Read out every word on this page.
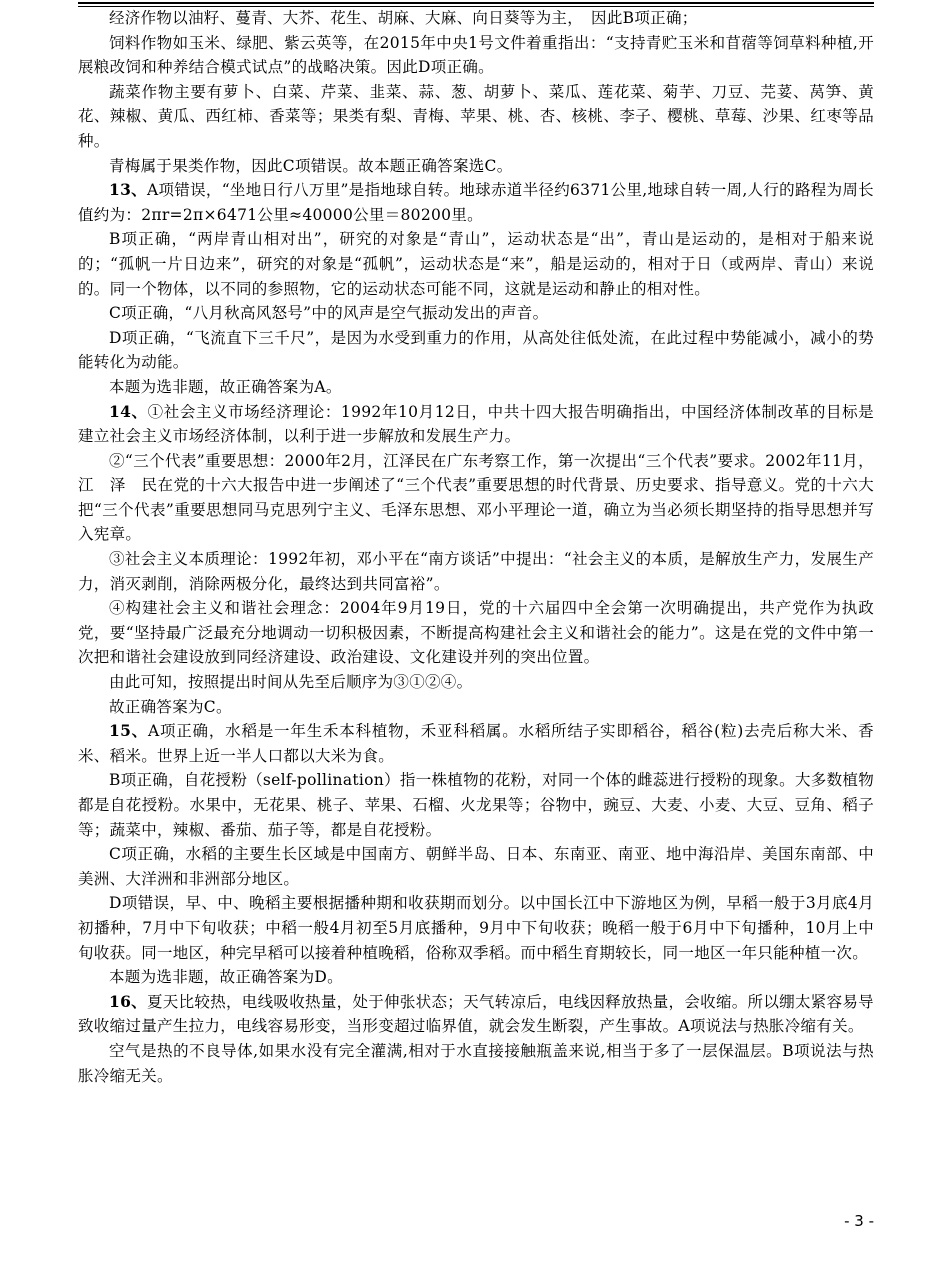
经济作物以油籽、蔓青、大芥、花生、胡麻、大麻、向日葵等为主，　因此B项正确；

饲料作物如玉米、绿肥、紫云英等，在2015年中央1号文件着重指出：“支持青贮玉米和苜蓿等饲草料种植,开展粮改饲和种养结合模式试点”的战略决策。因此D项正确。

蔬菜作物主要有萝卜、白菜、芹菜、韭菜、蒜、葱、胡萝卜、菜瓜、莲花菜、菊芋、刀豆、芫荽、莴笋、黄花、辣椒、黄瓜、西红柿、香菜等；果类有梨、青梅、苹果、桃、杏、核桃、李子、樱桃、草莓、沙果、红枣等品种。

青梅属于果类作物，因此C项错误。故本题正确答案选C。

13、A项错误，“坐地日行八万里”是指地球自转。地球赤道半径约6371公里,地球自转一周,人行的路程为周长值约为：2πr=2π×6471公里≈40000公里＝80200里。

B项正确，“两岸青山相对出”，研究的对象是“青山”，运动状态是“出”，青山是运动的，是相对于船来说的；“孤帆一片日边来”，研究的对象是“孤帆”，运动状态是“来”，船是运动的，相对于日（或两岸、青山）来说的。同一个物体，以不同的参照物，它的运动状态可能不同，这就是运动和静止的相对性。

C项正确，“八月秋高风怒号”中的风声是空气振动发出的声音。

D项正确，“飞流直下三千尺”，是因为水受到重力的作用，从高处往低处流，在此过程中势能减小，减小的势能转化为动能。

本题为选非题，故正确答案为A。

14、①社会主义市场经济理论：1992年10月12日，中共十四大报告明确指出，中国经济体制改革的目标是建立社会主义市场经济体制，以利于进一步解放和发展生产力。

②“三个代表”重要思想：2000年2月，江泽民在广东考察工作，第一次提出“三个代表”要求。2002年11月，江　泽　民在党的十六大报告中进一步阐述了“三个代表”重要思想的时代背景、历史要求、指导意义。党的十六大把“三个代表”重要思想同马克思列宁主义、毛泽东思想、邓小平理论一道，确立为当必须长期坚持的指导思想并写入宪章。

③社会主义本质理论：1992年初，邓小平在“南方谈话”中提出：“社会主义的本质，是解放生产力，发展生产力，消灭剥削，消除两极分化，最终达到共同富裕”。

④构建社会主义和谐社会理念：2004年9月19日，党的十六届四中全会第一次明确提出，共产党作为执政党，要“坚持最广泛最充分地调动一切积极因素，不断提高构建社会主义和谐社会的能力”。这是在党的文件中第一次把和谐社会建设放到同经济建设、政治建设、文化建设并列的突出位置。

由此可知，按照提出时间从先至后顺序为③①②④。

故正确答案为C。

15、A项正确，水稻是一年生禾本科植物，禾亚科稻属。水稻所结子实即稻谷，稻谷(粒)去壳后称大米、香米、稻米。世界上近一半人口都以大米为食。

B项正确，自花授粉（self-pollination）指一株植物的花粉，对同一个体的雌蕊进行授粉的现象。大多数植物都是自花授粉。水果中，无花果、桃子、苹果、石榴、火龙果等；谷物中，豌豆、大麦、小麦、大豆、豆角、稻子等；蔬菜中，辣椒、番茄、茄子等，都是自花授粉。

C项正确，水稻的主要生长区域是中国南方、朝鲜半岛、日本、东南亚、南亚、地中海沿岸、美国东南部、中美洲、大洋洲和非洲部分地区。

D项错误，早、中、晚稻主要根据播种期和收获期而划分。以中国长江中下游地区为例，早稻一般于3月底4月初播种，7月中下旬收获；中稻一般4月初至5月底播种，9月中下旬收获；晚稻一般于6月中下旬播种，10月上中旬收获。同一地区，种完早稻可以接着种植晚稻，俗称双季稻。而中稻生育期较长，同一地区一年只能种植一次。

本题为选非题，故正确答案为D。

16、夏天比较热，电线吸收热量，处于伸张状态；天气转凉后，电线因释放热量，会收缩。所以绷太紧容易导致收缩过量产生拉力，电线容易形变，当形变超过临界值，就会发生断裂，产生事故。A项说法与热胀冷缩有关。

空气是热的不良导体,如果水没有完全灌满,相对于水直接接触瓶盖来说,相当于多了一层保温层。B项说法与热胀冷缩无关。

- 3 -
